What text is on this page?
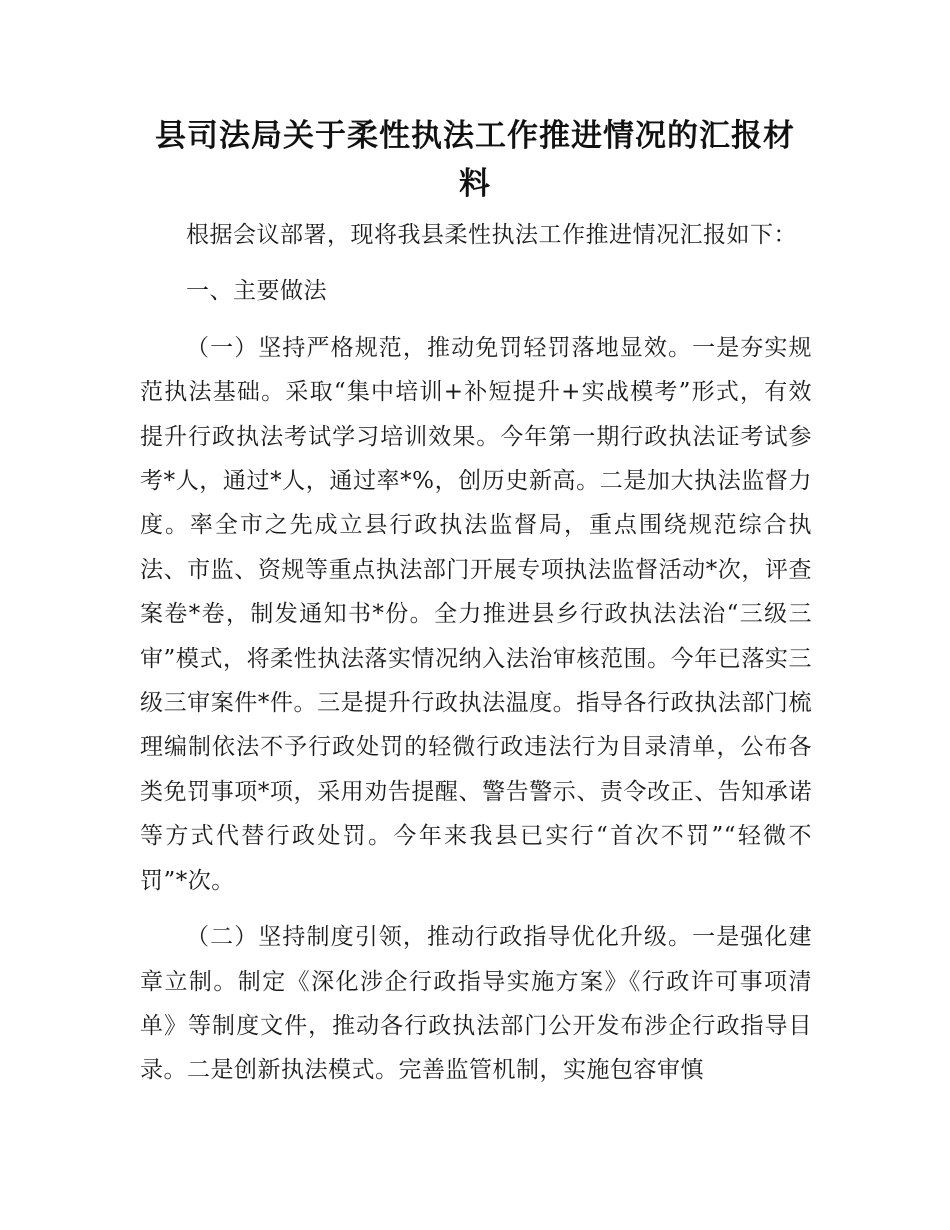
县司法局关于柔性执法工作推进情况的汇报材料

根据会议部署，现将我县柔性执法工作推进情况汇报如下：

一、主要做法

（一）坚持严格规范，推动免罚轻罚落地显效。一是夯实规范执法基础。采取“集中培训+补短提升+实战模考”形式，有效提升行政执法考试学习培训效果。今年第一期行政执法证考试参考*人，通过*人，通过率*%，创历史新高。二是加大执法监督力度。率全市之先成立县行政执法监督局，重点围绕规范综合执法、市监、资规等重点执法部门开展专项执法监督活动*次，评查案卷*卷，制发通知书*份。全力推进县乡行政执法法治“三级三审”模式，将柔性执法落实情况纳入法治审核范围。今年已落实三级三审案件*件。三是提升行政执法温度。指导各行政执法部门梳理编制依法不予行政处罚的轻微行政违法行为目录清单，公布各类免罚事项*项，采用劝告提醒、警告警示、责令改正、告知承诺等方式代替行政处罚。今年来我县已实行“首次不罚”“轻微不罚”*次。

（二）坚持制度引领，推动行政指导优化升级。一是强化建章立制。制定《深化涉企行政指导实施方案》《行政许可事项清单》等制度文件，推动各行政执法部门公开发布涉企行政指导目录。二是创新执法模式。完善监管机制，实施包容审慎
